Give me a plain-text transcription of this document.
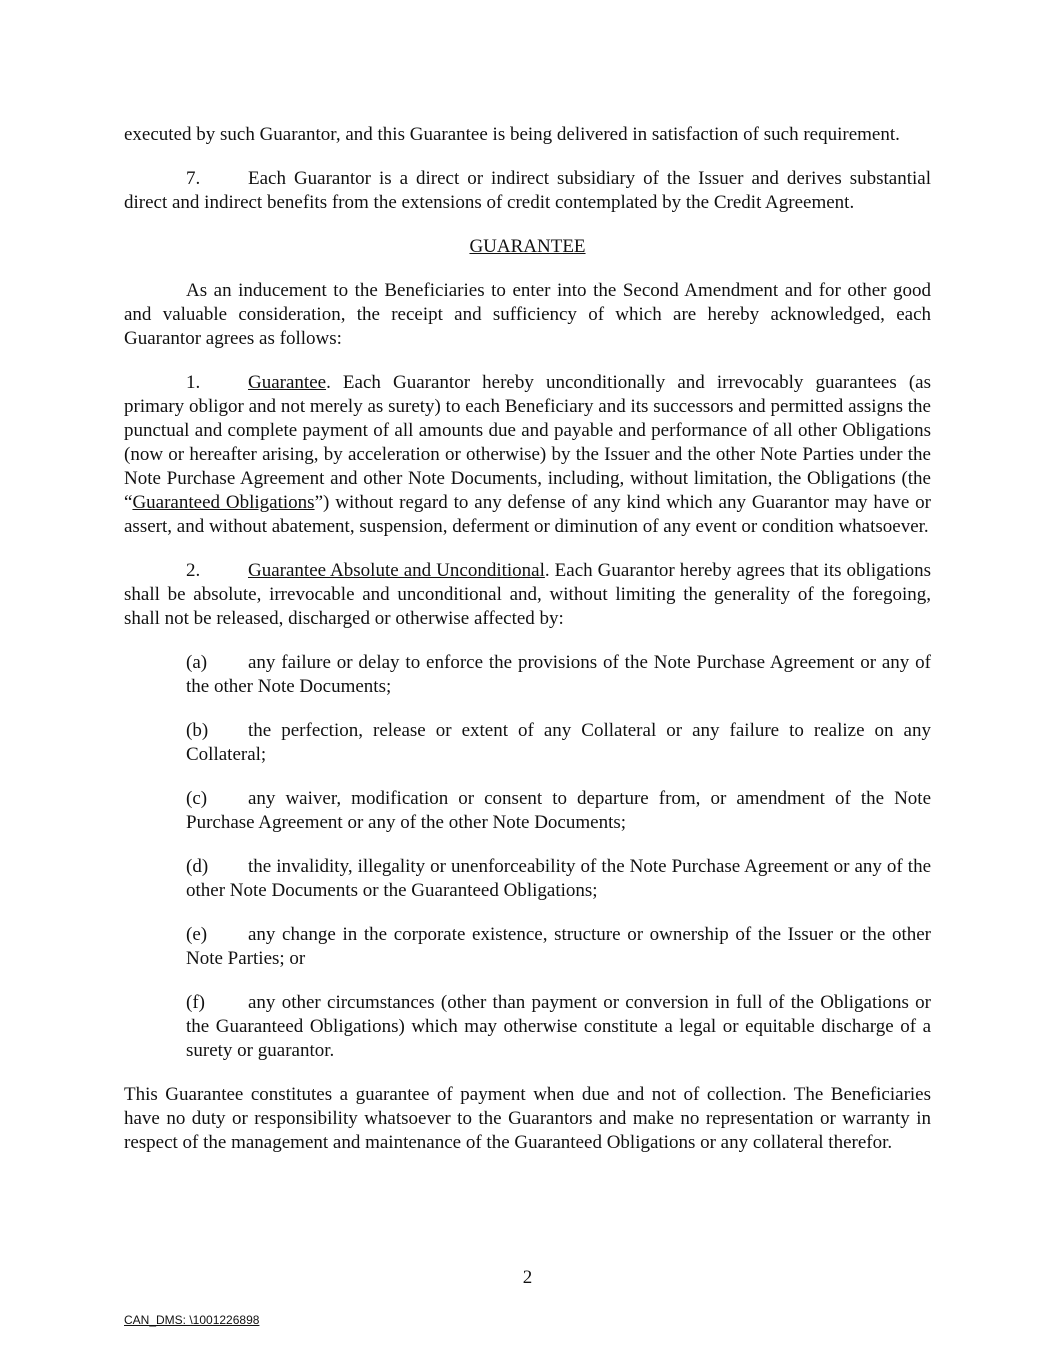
executed by such Guarantor, and this Guarantee is being delivered in satisfaction of such requirement.

7.	Each Guarantor is a direct or indirect subsidiary of the Issuer and derives substantial direct and indirect benefits from the extensions of credit contemplated by the Credit Agreement.

GUARANTEE

As an inducement to the Beneficiaries to enter into the Second Amendment and for other good and valuable consideration, the receipt and sufficiency of which are hereby acknowledged, each Guarantor agrees as follows:

1.	Guarantee. Each Guarantor hereby unconditionally and irrevocably guarantees (as primary obligor and not merely as surety) to each Beneficiary and its successors and permitted assigns the punctual and complete payment of all amounts due and payable and performance of all other Obligations (now or hereafter arising, by acceleration or otherwise) by the Issuer and the other Note Parties under the Note Purchase Agreement and other Note Documents, including, without limitation, the Obligations (the “Guaranteed Obligations”) without regard to any defense of any kind which any Guarantor may have or assert, and without abatement, suspension, deferment or diminution of any event or condition whatsoever.

2.	Guarantee Absolute and Unconditional. Each Guarantor hereby agrees that its obligations shall be absolute, irrevocable and unconditional and, without limiting the generality of the foregoing, shall not be released, discharged or otherwise affected by:

(a) any failure or delay to enforce the provisions of the Note Purchase Agreement or any of the other Note Documents;

(b) the perfection, release or extent of any Collateral or any failure to realize on any Collateral;

(c) any waiver, modification or consent to departure from, or amendment of the Note Purchase Agreement or any of the other Note Documents;

(d) the invalidity, illegality or unenforceability of the Note Purchase Agreement or any of the other Note Documents or the Guaranteed Obligations;

(e) any change in the corporate existence, structure or ownership of the Issuer or the other Note Parties; or

(f) any other circumstances (other than payment or conversion in full of the Obligations or the Guaranteed Obligations) which may otherwise constitute a legal or equitable discharge of a surety or guarantor.

This Guarantee constitutes a guarantee of payment when due and not of collection. The Beneficiaries have no duty or responsibility whatsoever to the Guarantors and make no representation or warranty in respect of the management and maintenance of the Guaranteed Obligations or any collateral therefor.

2
CAN_DMS: \1001226898
